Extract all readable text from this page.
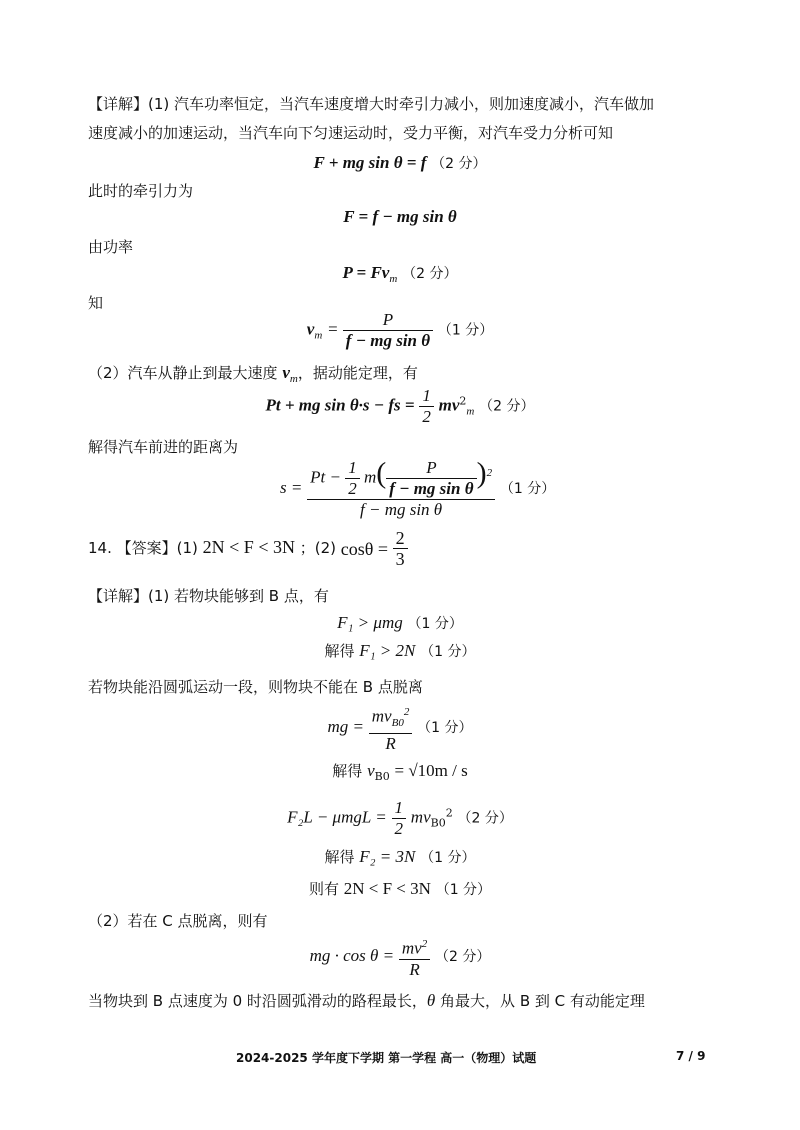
【详解】(1) 汽车功率恒定，当汽车速度增大时牵引力减小，则加速度减小，汽车做加
速度减小的加速运动，当汽车向下匀速运动时，受力平衡，对汽车受力分析可知
F + mg sin θ = f （2 分）
此时的牵引力为
F = f − mg sin θ
由功率
$P = Fv_m$ （2 分）
知
$v_m = \frac{P}{\text{f − mg sin θ}} (1$ 分）
（2）汽车从静止到最大速度 $v_m$，据动能定理，有
Pt + mg sin θ·s − fs = $\frac{1}{2} mv^2_m$ （2 分）
解得汽车前进的距离为
$s = \frac{Pt - \frac{1}{2} m( \frac{P}{\text{f − mg sin θ}} )^2}{\text{f − mg sin θ}} (1$ 分）
14. 【答案】(1) 2N < F < 3N ；(2) $\cos\theta = \frac{2}{3}$
【详解】(1) 若物块能够到 B 点，有
F₁ > μmg （1 分）
解得 F₁ > 2N （1 分）
若物块能沿圆弧运动一段，则物块不能在 B 点脱离
mg = $\frac{mv_{B0}^2}{R} (1$ 分）
解得 $v_{B0} = √10m / s$
$F_2L - \mu mgL = \frac{1}{2} mv_{B0}^2$ （2 分）
解得 F₂ = 3N （1 分）
则有 2N < F < 3N （1 分）
（2）若在 C 点脱离，则有
mg · $\cos \theta = \frac{mv^2}{R} (2$ 分）
当物块到 B 点速度为 0 时沿圆弧滑动的路程最长，θ 角最大，从 B 到 C 有动能定理
2024-2025 学年度下学期 第一学程 高一（物理）试题	7 / 9
